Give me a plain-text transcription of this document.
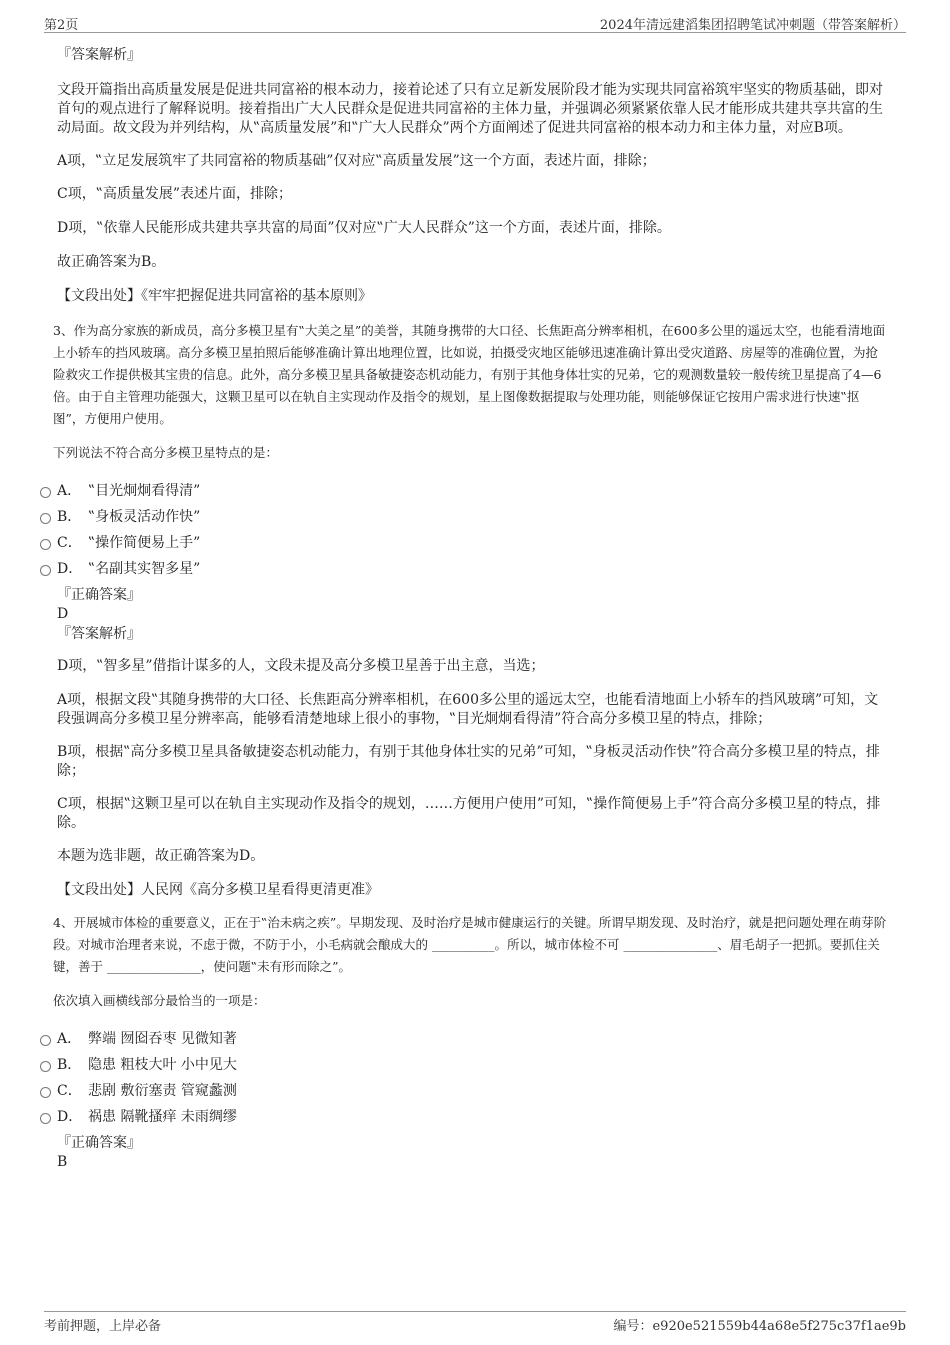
第2页	2024年清远建滔集团招聘笔试冲刺题（带答案解析）

『答案解析』

文段开篇指出高质量发展是促进共同富裕的根本动力，接着论述了只有立足新发展阶段才能为实现共同富裕筑牢坚实的物质基础，即对首句的观点进行了解释说明。接着指出广大人民群众是促进共同富裕的主体力量，并强调必须紧紧依靠人民才能形成共建共享共富的生动局面。故文段为并列结构，从‟高质量发展”和‟广大人民群众”两个方面阐述了促进共同富裕的根本动力和主体力量，对应B项。

A项，‟立足发展筑牢了共同富裕的物质基础”仅对应‟高质量发展”这一个方面，表述片面，排除；

C项，‟高质量发展”表述片面，排除；

D项，‟依靠人民能形成共建共享共富的局面”仅对应‟广大人民群众”这一个方面，表述片面，排除。

故正确答案为B。

【文段出处】《牢牢把握促进共同富裕的基本原则》

3、作为高分家族的新成员，高分多模卫星有‟大美之星”的美誉，其随身携带的大口径、长焦距高分辨率相机，在600多公里的遥远太空，也能看清地面上小轿车的挡风玻璃。高分多模卫星拍照后能够准确计算出地理位置，比如说，拍摄受灾地区能够迅速准确计算出受灾道路、房屋等的准确位置，为抢险救灾工作提供极其宝贵的信息。此外，高分多模卫星具备敏捷姿态机动能力，有别于其他身体壮实的兄弟，它的观测数量较一般传统卫星提高了4—6倍。由于自主管理功能强大，这颗卫星可以在轨自主实现动作及指令的规划，星上图像数据提取与处理功能，则能够保证它按用户需求进行快速‟抠图”，方便用户使用。

下列说法不符合高分多模卫星特点的是：

A． ‟目光炯炯看得清”
B． ‟身板灵活动作快”
C． ‟操作简便易上手”
D． ‟名副其实智多星”

『正确答案』

D

『答案解析』

D项，‟智多星”借指计谋多的人，文段未提及高分多模卫星善于出主意，当选；

A项，根据文段‟其随身携带的大口径、长焦距高分辨率相机，在600多公里的遥远太空，也能看清地面上小轿车的挡风玻璃”可知，文段强调高分多模卫星分辨率高，能够看清楚地球上很小的事物，‟目光炯炯看得清”符合高分多模卫星的特点，排除；

B项，根据‟高分多模卫星具备敏捷姿态机动能力，有别于其他身体壮实的兄弟”可知，‟身板灵活动作快”符合高分多模卫星的特点，排除；

C项，根据‟这颗卫星可以在轨自主实现动作及指令的规划，……方便用户使用”可知，‟操作简便易上手”符合高分多模卫星的特点，排除。

本题为选非题，故正确答案为D。

【文段出处】人民网《高分多模卫星看得更清更准》

4、开展城市体检的重要意义，正在于‟治未病之疾”。早期发现、及时治疗是城市健康运行的关键。所谓早期发现、及时治疗，就是把问题处理在萌芽阶段。对城市治理者来说，不虑于微，不防于小，小毛病就会酿成大的 __________。所以，城市体检不可 _______________、眉毛胡子一把抓。要抓住关键，善于 _______________，使问题‟未有形而除之”。

依次填入画横线部分最恰当的一项是：

A． 弊端 囫囵吞枣 见微知著
B． 隐患 粗枝大叶 小中见大
C． 悲剧 敷衍塞责 管窥蠡测
D． 祸患 隔靴搔痒 未雨绸缪

『正确答案』

B

考前押题，上岸必备	编号：e920e521559b44a68e5f275c37f1ae9b
